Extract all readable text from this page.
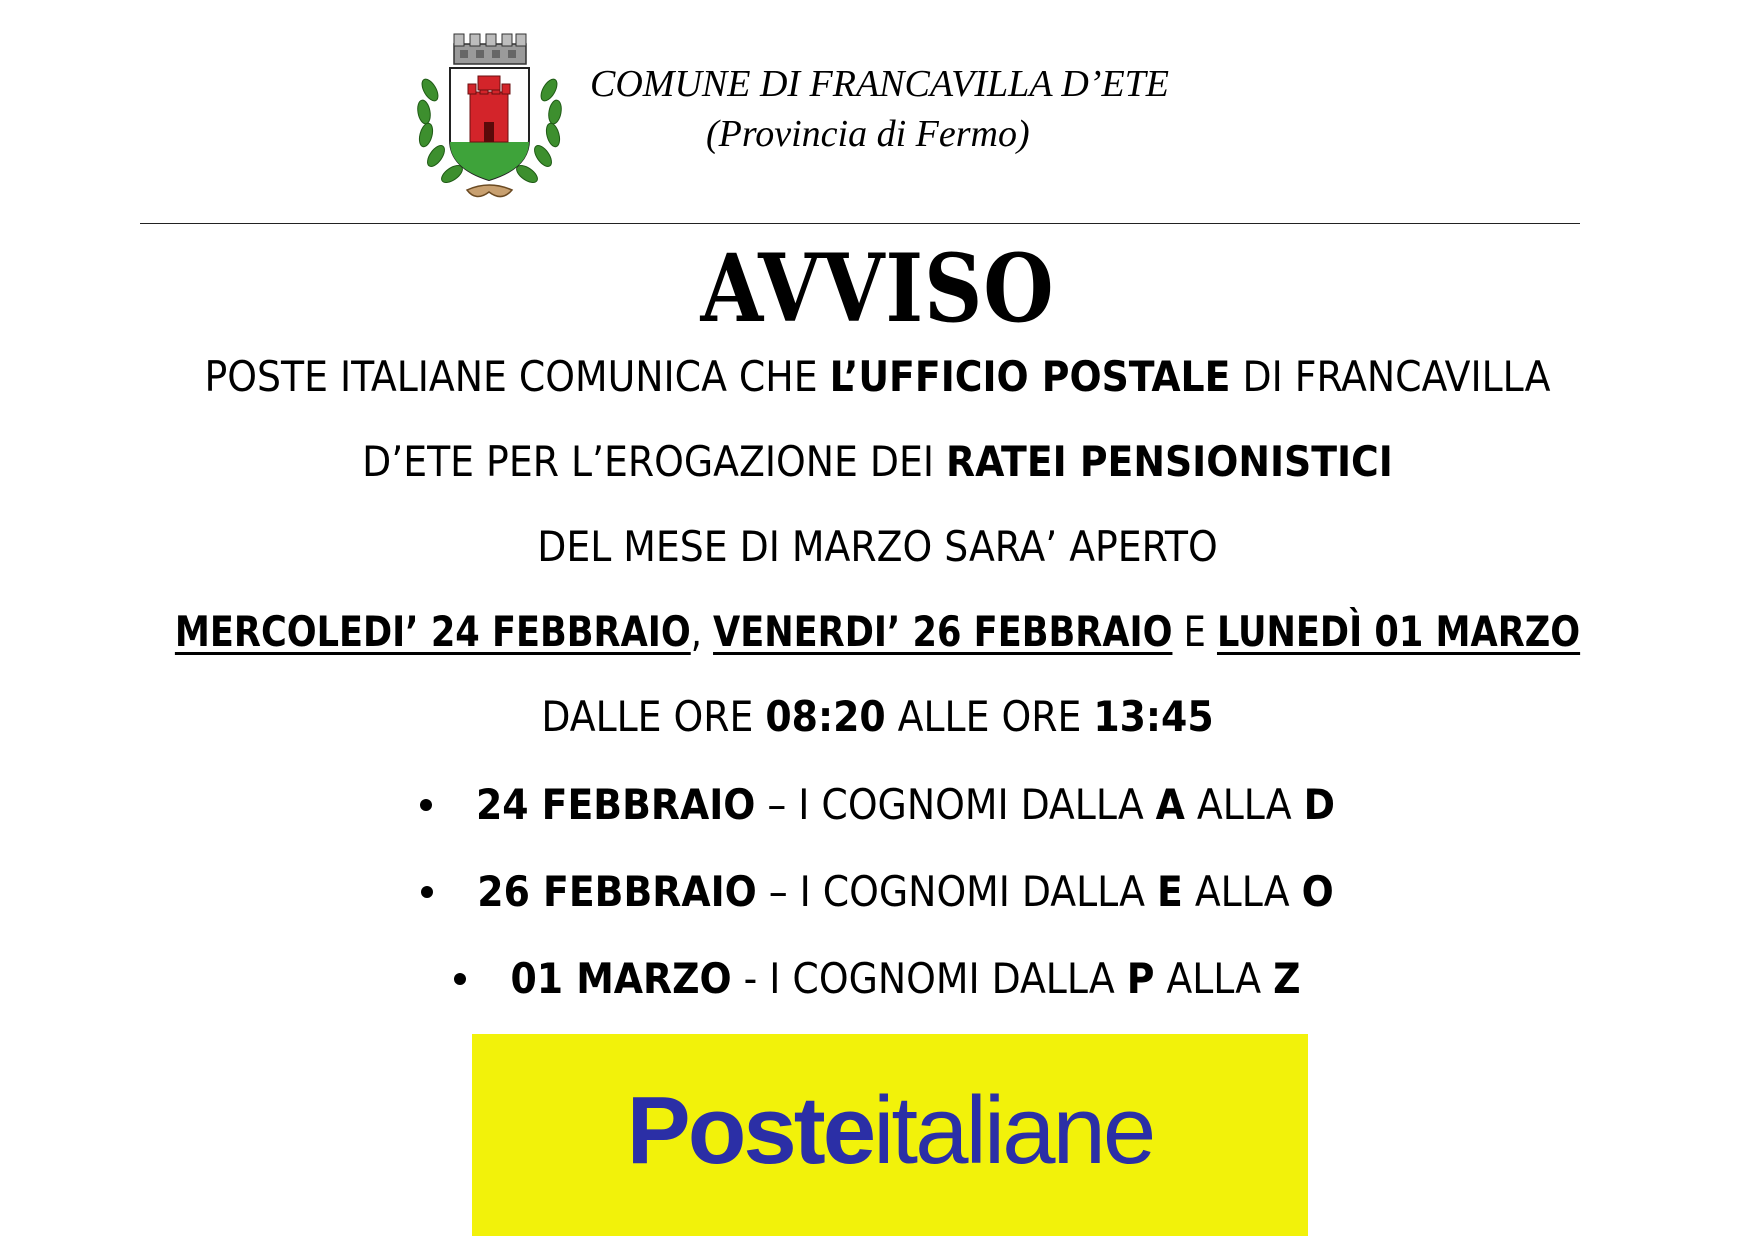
COMUNE DI FRANCAVILLA D’ETE
(Provincia di Fermo)
AVVISO
POSTE ITALIANE COMUNICA CHE L’UFFICIO POSTALE DI FRANCAVILLA
D’ETE PER L’EROGAZIONE DEI RATEI PENSIONISTICI
DEL MESE DI MARZO SARA’ APERTO
MERCOLEDI’ 24 FEBBRAIO, VENERDI’ 26 FEBBRAIO E LUNEDÌ 01 MARZO
DALLE ORE 08:20 ALLE ORE 13:45
24 FEBBRAIO – I COGNOMI DALLA A ALLA D
26 FEBBRAIO – I COGNOMI DALLA E ALLA O
01 MARZO - I COGNOMI DALLA P ALLA Z
Posteitaliane
